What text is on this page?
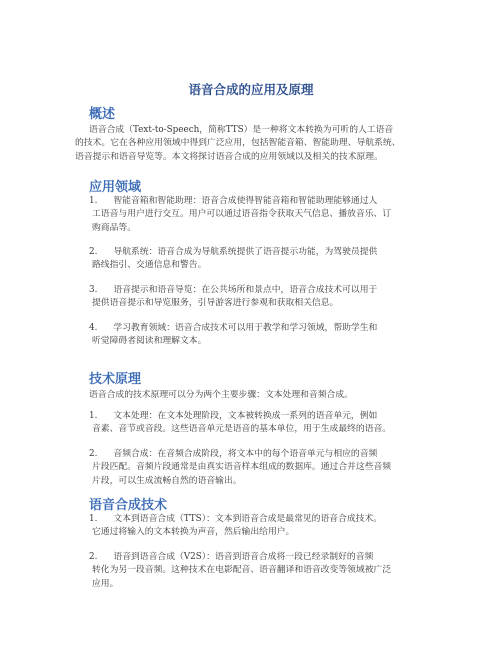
语音合成的应用及原理
概述
语音合成（Text-to-Speech，简称TTS）是一种将文本转换为可听的人工语音
的技术。它在各种应用领域中得到广泛应用，包括智能音箱、智能助理、导航系统、
语音提示和语音导览等。本文将探讨语音合成的应用领域以及相关的技术原理。
应用领域
1. 智能音箱和智能助理：语音合成使得智能音箱和智能助理能够通过人
工语音与用户进行交互。用户可以通过语音指令获取天气信息、播放音乐、订
购商品等。
2. 导航系统：语音合成为导航系统提供了语音提示功能，为驾驶员提供
路线指引、交通信息和警告。
3. 语音提示和语音导览：在公共场所和景点中，语音合成技术可以用于
提供语音提示和导览服务，引导游客进行参观和获取相关信息。
4. 学习教育领域：语音合成技术可以用于教学和学习领域，帮助学生和
听觉障碍者阅读和理解文本。
技术原理
语音合成的技术原理可以分为两个主要步骤：文本处理和音频合成。
1. 文本处理：在文本处理阶段，文本被转换成一系列的语音单元，例如
音素、音节或音段。这些语音单元是语音的基本单位，用于生成最终的语音。
2. 音频合成：在音频合成阶段，将文本中的每个语音单元与相应的音频
片段匹配。音频片段通常是由真实语音样本组成的数据库。通过合并这些音频
片段，可以生成流畅自然的语音输出。
语音合成技术
1. 文本到语音合成（TTS）：文本到语音合成是最常见的语音合成技术。
它通过将输入的文本转换为声音，然后输出给用户。
2. 语音到语音合成（V2S）：语音到语音合成将一段已经录制好的音频
转化为另一段音频。这种技术在电影配音、语音翻译和语音改变等领域被广泛
应用。
